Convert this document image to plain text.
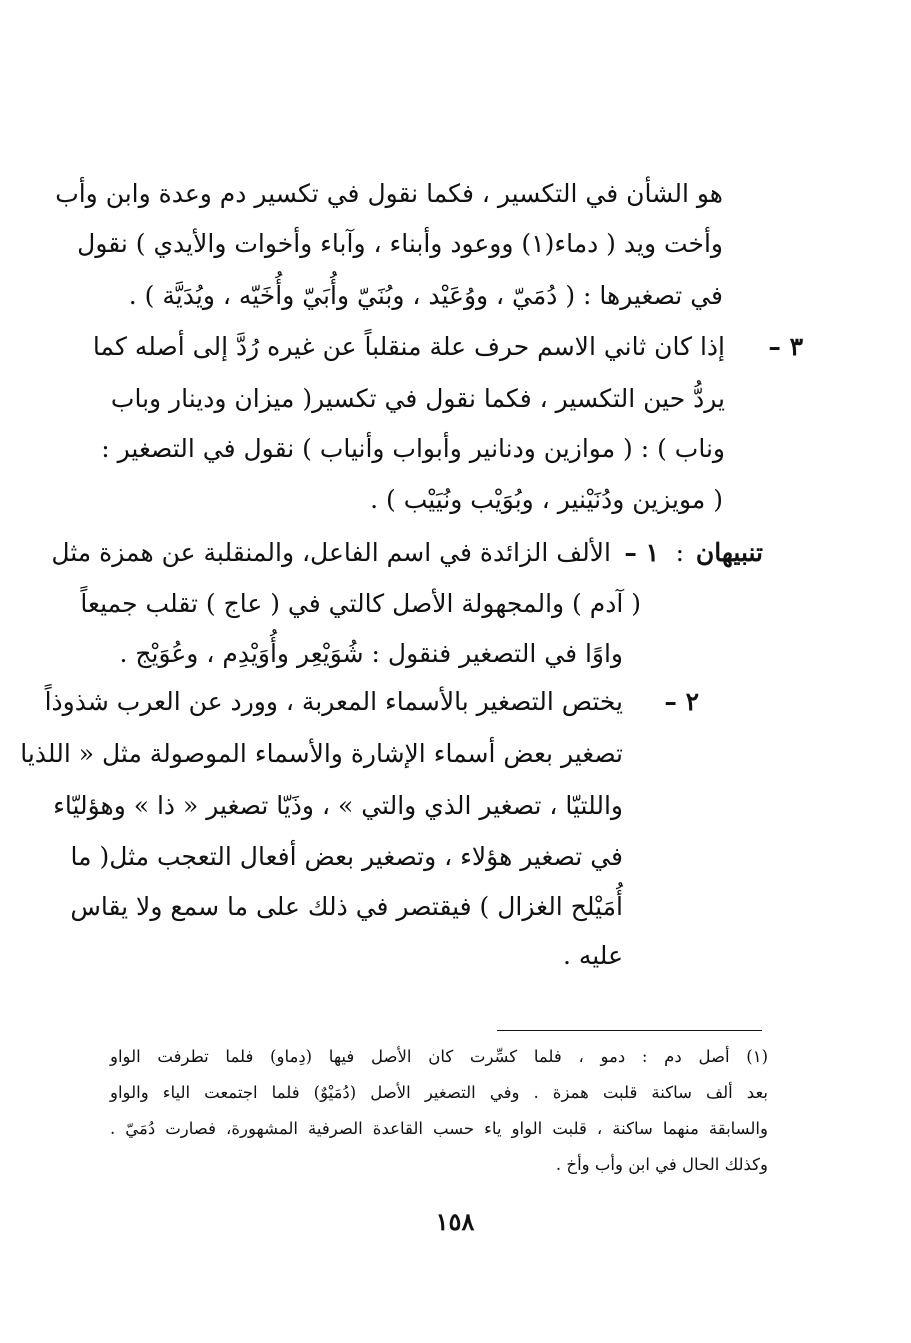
هو الشأن في التكسير ، فكما نقول في تكسير دم وعدة وابن وأب
وأخت ويد ( دماء(١) ووعود وأبناء ، وآباء وأخوات والأيدي ) نقول
في تصغيرها : ( دُمَيّ ، ووُعَيْد ، وبُنَيّ وأُبَيّ وأُخَيّه ، ويُدَيَّة ) .
٣ –
إذا كان ثاني الاسم حرف علة منقلباً عن غيره رُدَّ إلى أصله كما
يردُّ حين التكسير ، فكما نقول في تكسير( ميزان ودينار وباب
وناب ) : ( موازين ودنانير وأبواب وأنياب ) نقول في التصغير :
( مويزين ودُنَيْنير ، وبُوَيْب ونُيَيْب ) .
تنبيهان
:
١ –
الألف الزائدة في اسم الفاعل، والمنقلبة عن همزة مثل
( آدم ) والمجهولة الأصل كالتي في ( عاج ) تقلب جميعاً
واوًا في التصغير فنقول : شُوَيْعِر وأُوَيْدِم ، وعُوَيْج .
٢ –
يختص التصغير بالأسماء المعربة ، وورد عن العرب شذوذاً
تصغير بعض أسماء الإشارة والأسماء الموصولة مثل « اللذيا
واللتيّا ، تصغير الذي والتي » ، وذَيّا تصغير « ذا » وهؤليّاء
في تصغير هؤلاء ، وتصغير بعض أفعال التعجب مثل( ما
أُمَيْلح الغزال ) فيقتصر في ذلك على ما سمع ولا يقاس
عليه .
(١) أصل دم : دمو ، فلما كسِّرت كان الأصل فيها (دِماو) فلما تطرفت الواو
بعد ألف ساكنة قلبت همزة . وفي التصغير الأصل (دُمَيْوٌ) فلما اجتمعت الياء والواو
والسابقة منهما ساكنة ، قلبت الواو ياء حسب القاعدة الصرفية المشهورة، فصارت دُمَيّ .
وكذلك الحال في ابن وأب وأخ .
١٥٨
